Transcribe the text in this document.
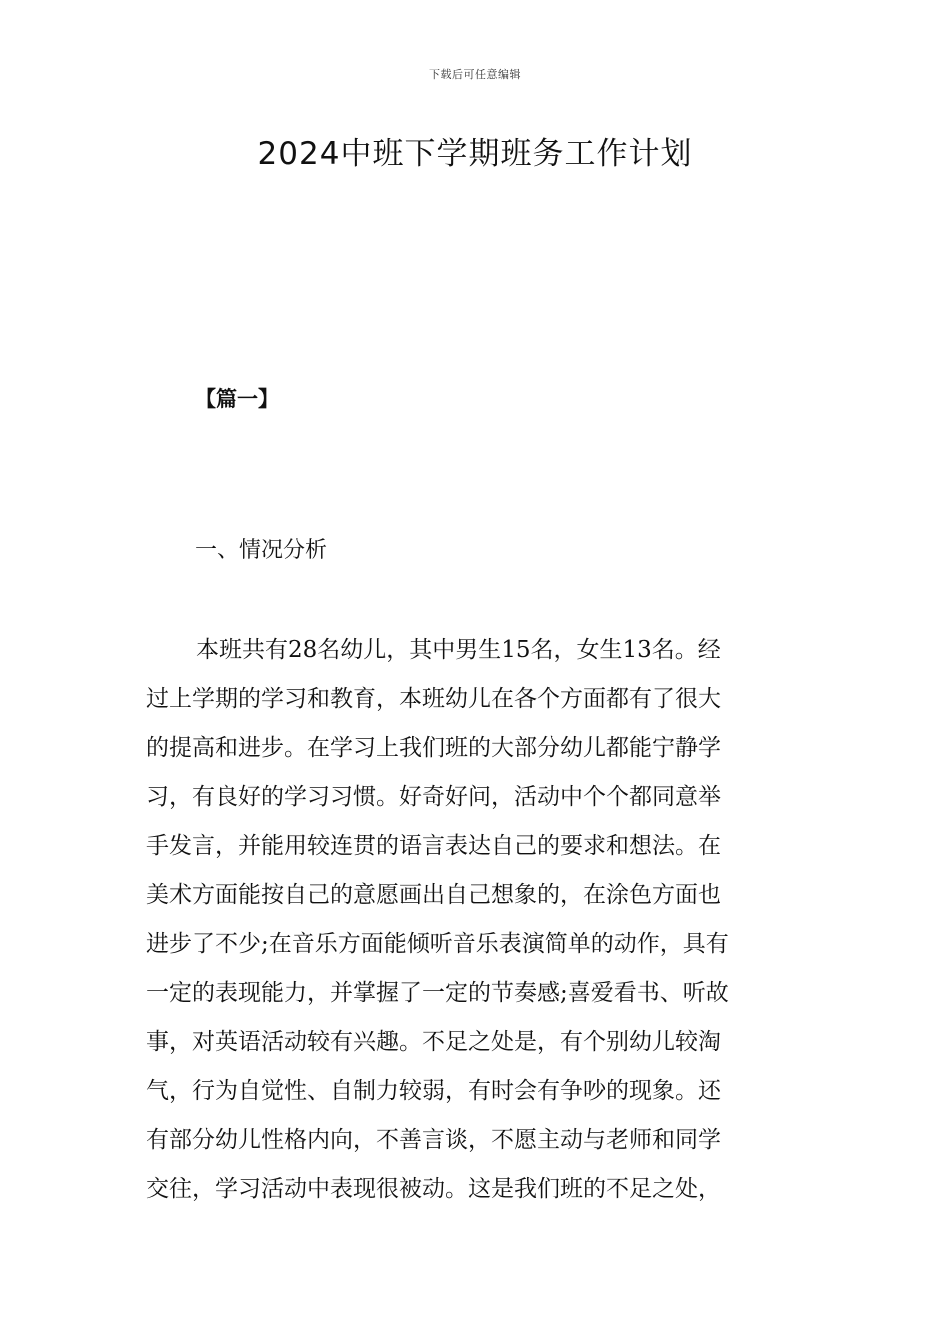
下载后可任意编辑
2024中班下学期班务工作计划
【篇一】
一、情况分析
本班共有28名幼儿，其中男生15名，女生13名。经
过上学期的学习和教育，本班幼儿在各个方面都有了很大
的提高和进步。在学习上我们班的大部分幼儿都能宁静学
习，有良好的学习习惯。好奇好问，活动中个个都同意举
手发言，并能用较连贯的语言表达自己的要求和想法。在
美术方面能按自己的意愿画出自己想象的，在涂色方面也
进步了不少;在音乐方面能倾听音乐表演简单的动作，具有
一定的表现能力，并掌握了一定的节奏感;喜爱看书、听故
事，对英语活动较有兴趣。不足之处是，有个别幼儿较淘
气，行为自觉性、自制力较弱，有时会有争吵的现象。还
有部分幼儿性格内向，不善言谈，不愿主动与老师和同学
交往，学习活动中表现很被动。这是我们班的不足之处，
